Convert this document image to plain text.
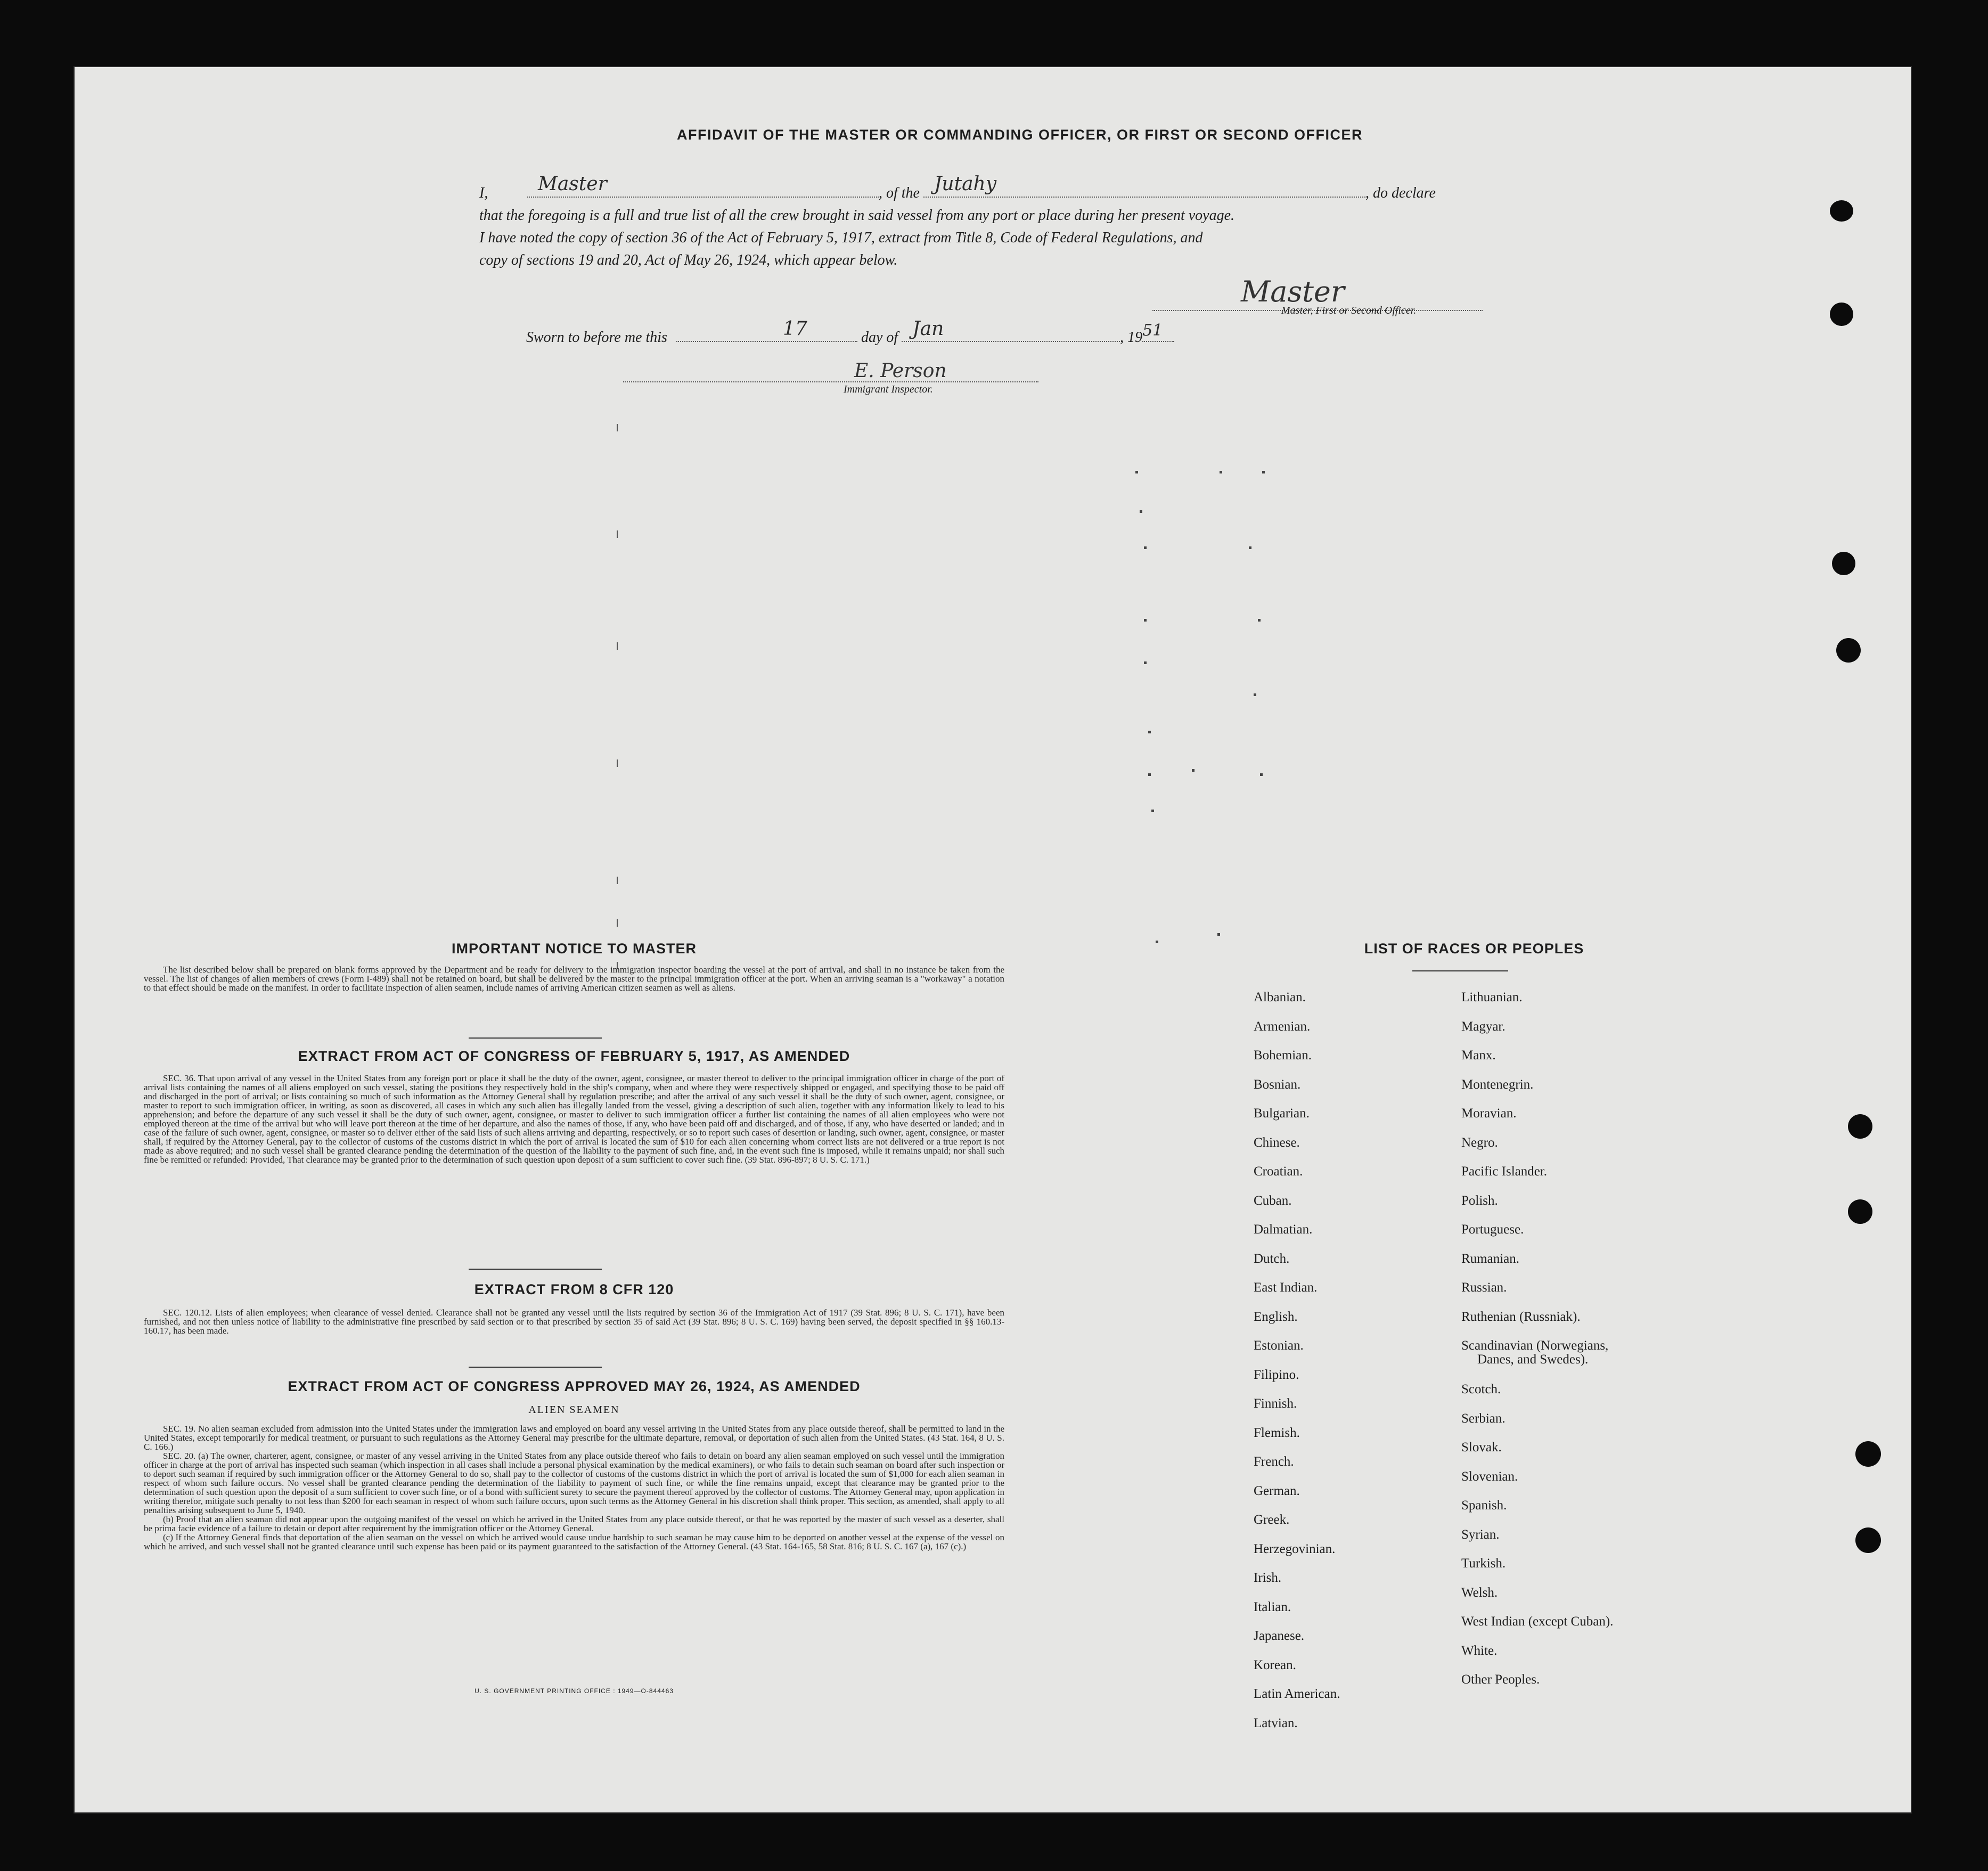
AFFIDAVIT OF THE MASTER OR COMMANDING OFFICER, OR FIRST OR SECOND OFFICER
I,	Master	, of the Jutahy	, do declare
that the foregoing is a full and true list of all the crew brought in said vessel from any port or place during her present voyage.
I have noted the copy of section 36 of the Act of February 5, 1917, extract from Title 8, Code of Federal Regulations, and
copy of sections 19 and 20, Act of May 26, 1924, which appear below.
Master
Master, First or Second Officer.
Sworn to before me this	17	day of Jan	, 19 51
E. Person
Immigrant Inspector.
IMPORTANT NOTICE TO MASTER

The list described below shall be prepared on blank forms approved by the Department and be ready for delivery to the immigration inspector boarding the vessel at the port of arrival, and shall in no instance be taken from the vessel. The list of changes of alien members of crews (Form I-489) shall not be retained on board, but shall be delivered by the master to the principal immigration officer at the port. When an arriving seaman is a "workaway" a notation to that effect should be made on the manifest. In order to facilitate inspection of alien seamen, include names of arriving American citizen seamen as well as aliens.

EXTRACT FROM ACT OF CONGRESS OF FEBRUARY 5, 1917, AS AMENDED

SEC. 36. That upon arrival of any vessel in the United States from any foreign port or place it shall be the duty of the owner, agent, consignee, or master thereof to deliver to the principal immigration officer in charge of the port of arrival lists containing the names of all aliens employed on such vessel, stating the positions they respectively hold in the ship's company, when and where they were respectively shipped or engaged, and specifying those to be paid off and discharged in the port of arrival; or lists containing so much of such information as the Attorney General shall by regulation prescribe; and after the arrival of any such vessel it shall be the duty of such owner, agent, consignee, or master to report to such immigration officer, in writing, as soon as discovered, all cases in which any such alien has illegally landed from the vessel, giving a description of such alien, together with any information likely to lead to his apprehension; and before the departure of any such vessel it shall be the duty of such owner, agent, consignee, or master to deliver to such immigration officer a further list containing the names of all alien employees who were not employed thereon at the time of the arrival but who will leave port thereon at the time of her departure, and also the names of those, if any, who have been paid off and discharged, and of those, if any, who have deserted or landed; and in case of the failure of such owner, agent, consignee, or master so to deliver either of the said lists of such aliens arriving and departing, respectively, or so to report such cases of desertion or landing, such owner, agent, consignee, or master shall, if required by the Attorney General, pay to the collector of customs of the customs district in which the port of arrival is located the sum of $10 for each alien concerning whom correct lists are not delivered or a true report is not made as above required; and no such vessel shall be granted clearance pending the determination of the question of the liability to the payment of such fine, and, in the event such fine is imposed, while it remains unpaid; nor shall such fine be remitted or refunded: Provided, That clearance may be granted prior to the determination of such question upon deposit of a sum sufficient to cover such fine. (39 Stat. 896-897; 8 U. S. C. 171.)

EXTRACT FROM 8 CFR 120

SEC. 120.12. Lists of alien employees; when clearance of vessel denied. Clearance shall not be granted any vessel until the lists required by section 36 of the Immigration Act of 1917 (39 Stat. 896; 8 U. S. C. 171), have been furnished, and not then unless notice of liability to the administrative fine prescribed by said section or to that prescribed by section 35 of said Act (39 Stat. 896; 8 U. S. C. 169) having been served, the deposit specified in §§ 160.13-160.17, has been made.

EXTRACT FROM ACT OF CONGRESS APPROVED MAY 26, 1924, AS AMENDED
ALIEN SEAMEN

SEC. 19. No alien seaman excluded from admission into the United States under the immigration laws and employed on board any vessel arriving in the United States from any place outside thereof, shall be permitted to land in the United States, except temporarily for medical treatment, or pursuant to such regulations as the Attorney General may prescribe for the ultimate departure, removal, or deportation of such alien from the United States. (43 Stat. 164, 8 U. S. C. 166.)

SEC. 20. (a) The owner, charterer, agent, consignee, or master of any vessel arriving in the United States from any place outside thereof who fails to detain on board any alien seaman employed on such vessel until the immigration officer in charge at the port of arrival has inspected such seaman (which inspection in all cases shall include a personal physical examination by the medical examiners), or who fails to detain such seaman on board after such inspection or to deport such seaman if required by such immigration officer or the Attorney General to do so, shall pay to the collector of customs of the customs district in which the port of arrival is located the sum of $1,000 for each alien seaman in respect of whom such failure occurs. No vessel shall be granted clearance pending the determination of the liability to payment of such fine, or while the fine remains unpaid, except that clearance may be granted prior to the determination of such question upon the deposit of a sum sufficient to cover such fine, or of a bond with sufficient surety to secure the payment thereof approved by the collector of customs. The Attorney General may, upon application in writing therefor, mitigate such penalty to not less than $200 for each seaman in respect of whom such failure occurs, upon such terms as the Attorney General in his discretion shall think proper. This section, as amended, shall apply to all penalties arising subsequent to June 5, 1940.

(b) Proof that an alien seaman did not appear upon the outgoing manifest of the vessel on which he arrived in the United States from any place outside thereof, or that he was reported by the master of such vessel as a deserter, shall be prima facie evidence of a failure to detain or deport after requirement by the immigration officer or the Attorney General.

(c) If the Attorney General finds that deportation of the alien seaman on the vessel on which he arrived would cause undue hardship to such seaman he may cause him to be deported on another vessel at the expense of the vessel on which he arrived, and such vessel shall not be granted clearance until such expense has been paid or its payment guaranteed to the satisfaction of the Attorney General. (43 Stat. 164-165, 58 Stat. 816; 8 U. S. C. 167 (a), 167 (c).)

U. S. GOVERNMENT PRINTING OFFICE : 1949—O-844463
LIST OF RACES OR PEOPLES
Albanian.
Armenian.
Bohemian.
Bosnian.
Bulgarian.
Chinese.
Croatian.
Cuban.
Dalmatian.
Dutch.
East Indian.
English.
Estonian.
Filipino.
Finnish.
Flemish.
French.
German.
Greek.
Herzegovinian.
Irish.
Italian.
Japanese.
Korean.
Latin American.
Latvian.
Lithuanian.
Magyar.
Manx.
Montenegrin.
Moravian.
Negro.
Pacific Islander.
Polish.
Portuguese.
Rumanian.
Russian.
Ruthenian (Russniak).
Scandinavian (Norwegians,
Danes, and Swedes).
Scotch.
Serbian.
Slovak.
Slovenian.
Spanish.
Syrian.
Turkish.
Welsh.
West Indian (except Cuban).
White.
Other Peoples.
